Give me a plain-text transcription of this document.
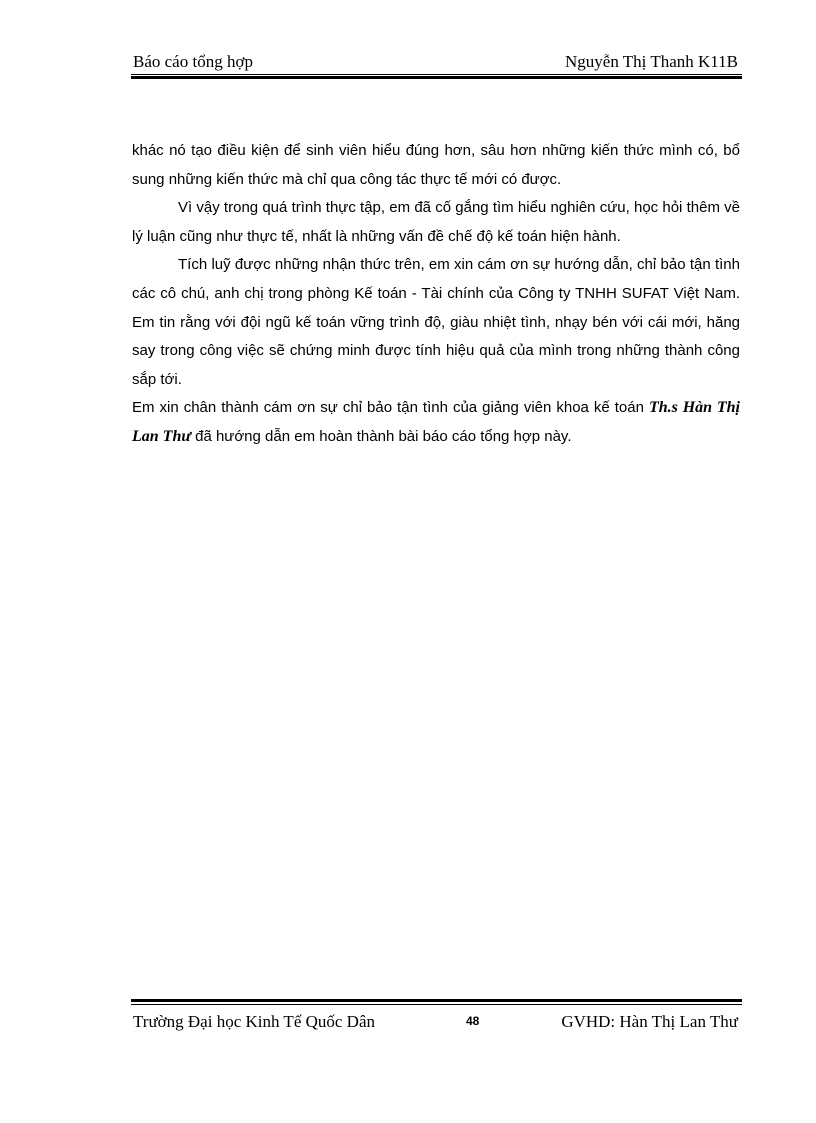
Báo cáo tổng hợp	Nguyễn Thị Thanh K11B

khác nó tạo điều kiện để sinh viên hiểu đúng hơn, sâu hơn những kiến thức mình có, bổ sung những kiến thức mà chỉ qua công tác thực tế mới có được.

Vì vậy trong quá trình thực tập, em đã cố gắng tìm hiểu nghiên cứu, học hỏi thêm về lý luận cũng như thực tế, nhất là những vấn đề chế độ kế toán hiện hành.

Tích luỹ được những nhận thức trên, em xin cám ơn sự hướng dẫn, chỉ bảo tận tình các cô chú, anh chị trong phòng Kế toán - Tài chính của Công ty TNHH SUFAT Việt Nam. Em tin rằng với đội ngũ kế toán vững trình độ, giàu nhiệt tình, nhạy bén với cái mới, hăng say trong công việc sẽ chứng minh được tính hiệu quả của mình trong những thành công sắp tới.

Em xin chân thành cám ơn sự chỉ bảo tận tình của giảng viên khoa kế toán Th.s Hàn Thị Lan Thư đã hướng dẫn em hoàn thành bài báo cáo tổng hợp này.

Trường Đại học Kinh Tế Quốc Dân	48	GVHD: Hàn Thị Lan Thư
